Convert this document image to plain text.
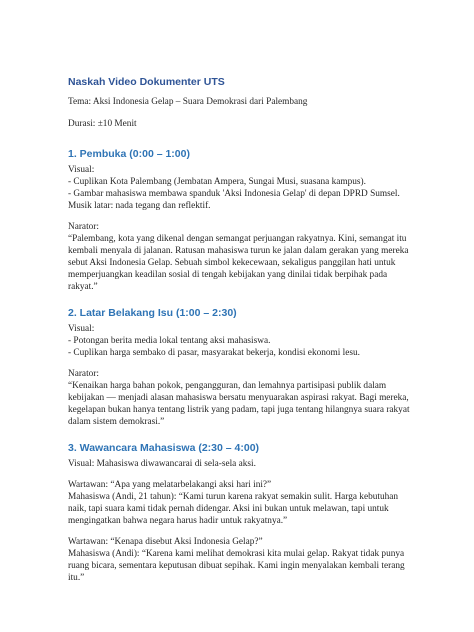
Naskah Video Dokumenter UTS
Tema: Aksi Indonesia Gelap – Suara Demokrasi dari Palembang
Durasi: ±10 Menit
1. Pembuka (0:00 – 1:00)
Visual:
- Cuplikan Kota Palembang (Jembatan Ampera, Sungai Musi, suasana kampus).
- Gambar mahasiswa membawa spanduk 'Aksi Indonesia Gelap' di depan DPRD Sumsel.
Musik latar: nada tegang dan reflektif.
Narator:
“Palembang, kota yang dikenal dengan semangat perjuangan rakyatnya. Kini, semangat itu
kembali menyala di jalanan. Ratusan mahasiswa turun ke jalan dalam gerakan yang mereka
sebut Aksi Indonesia Gelap. Sebuah simbol kekecewaan, sekaligus panggilan hati untuk
memperjuangkan keadilan sosial di tengah kebijakan yang dinilai tidak berpihak pada
rakyat.”
2. Latar Belakang Isu (1:00 – 2:30)
Visual:
- Potongan berita media lokal tentang aksi mahasiswa.
- Cuplikan harga sembako di pasar, masyarakat bekerja, kondisi ekonomi lesu.
Narator:
“Kenaikan harga bahan pokok, pengangguran, dan lemahnya partisipasi publik dalam
kebijakan — menjadi alasan mahasiswa bersatu menyuarakan aspirasi rakyat. Bagi mereka,
kegelapan bukan hanya tentang listrik yang padam, tapi juga tentang hilangnya suara rakyat
dalam sistem demokrasi.”
3. Wawancara Mahasiswa (2:30 – 4:00)
Visual: Mahasiswa diwawancarai di sela-sela aksi.
Wartawan: “Apa yang melatarbelakangi aksi hari ini?”
Mahasiswa (Andi, 21 tahun): “Kami turun karena rakyat semakin sulit. Harga kebutuhan
naik, tapi suara kami tidak pernah didengar. Aksi ini bukan untuk melawan, tapi untuk
mengingatkan bahwa negara harus hadir untuk rakyatnya.”
Wartawan: “Kenapa disebut Aksi Indonesia Gelap?”
Mahasiswa (Andi): “Karena kami melihat demokrasi kita mulai gelap. Rakyat tidak punya
ruang bicara, sementara keputusan dibuat sepihak. Kami ingin menyalakan kembali terang
itu.”
